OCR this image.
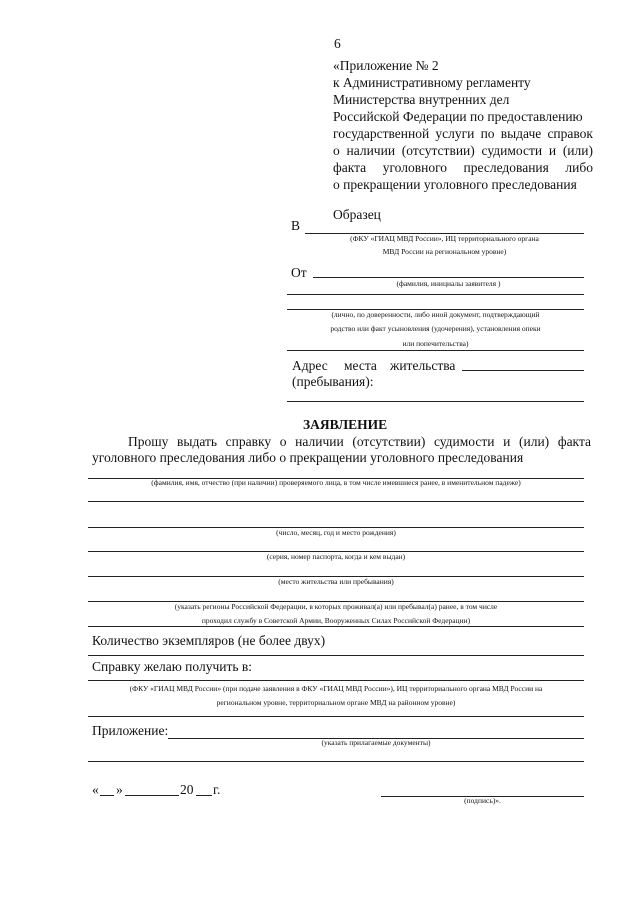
6
«Приложение № 2
к Административному регламенту
Министерства внутренних дел
Российской Федерации по предоставлению
государственной услуги по выдаче справок
о наличии (отсутствии) судимости и (или)
факта уголовного преследования либо
о прекращении уголовного преследования
Образец
В
(ФКУ «ГИАЦ МВД России», ИЦ территориального органа
МВД России на региональном уровне)
От
(фамилия, инициалы заявителя )
(лично, по доверенности, либо иной документ, подтверждающий
родство или факт усыновления (удочерения), установления опеки
или попечительства)
Адрес места жительства
(пребывания):
ЗАЯВЛЕНИЕ
Прошу выдать справку о наличии (отсутствии) судимости и (или) факта
уголовного преследования либо о прекращении уголовного преследования
(фамилия, имя, отчество (при наличии) проверяемого лица, в том числе имевшиеся ранее, в именительном падеже)
(число, месяц, год и место рождения)
(серия, номер паспорта, когда и кем выдан)
(место жительства или пребывания)
(указать регионы Российской Федерации, в которых проживал(а) или пребывал(а) ранее, в том числе
проходил службу в Советской Армии, Вооруженных Силах Российской Федерации)
Количество экземпляров (не более двух)
Справку желаю получить в:
(ФКУ «ГИАЦ МВД России» (при подаче заявления в ФКУ «ГИАЦ МВД России»), ИЦ территориального органа МВД России на
региональном уровне, территориальном органе МВД на районном уровне)
Приложение:
(указать прилагаемые документы)
« »	20 г.
(подпись)».
